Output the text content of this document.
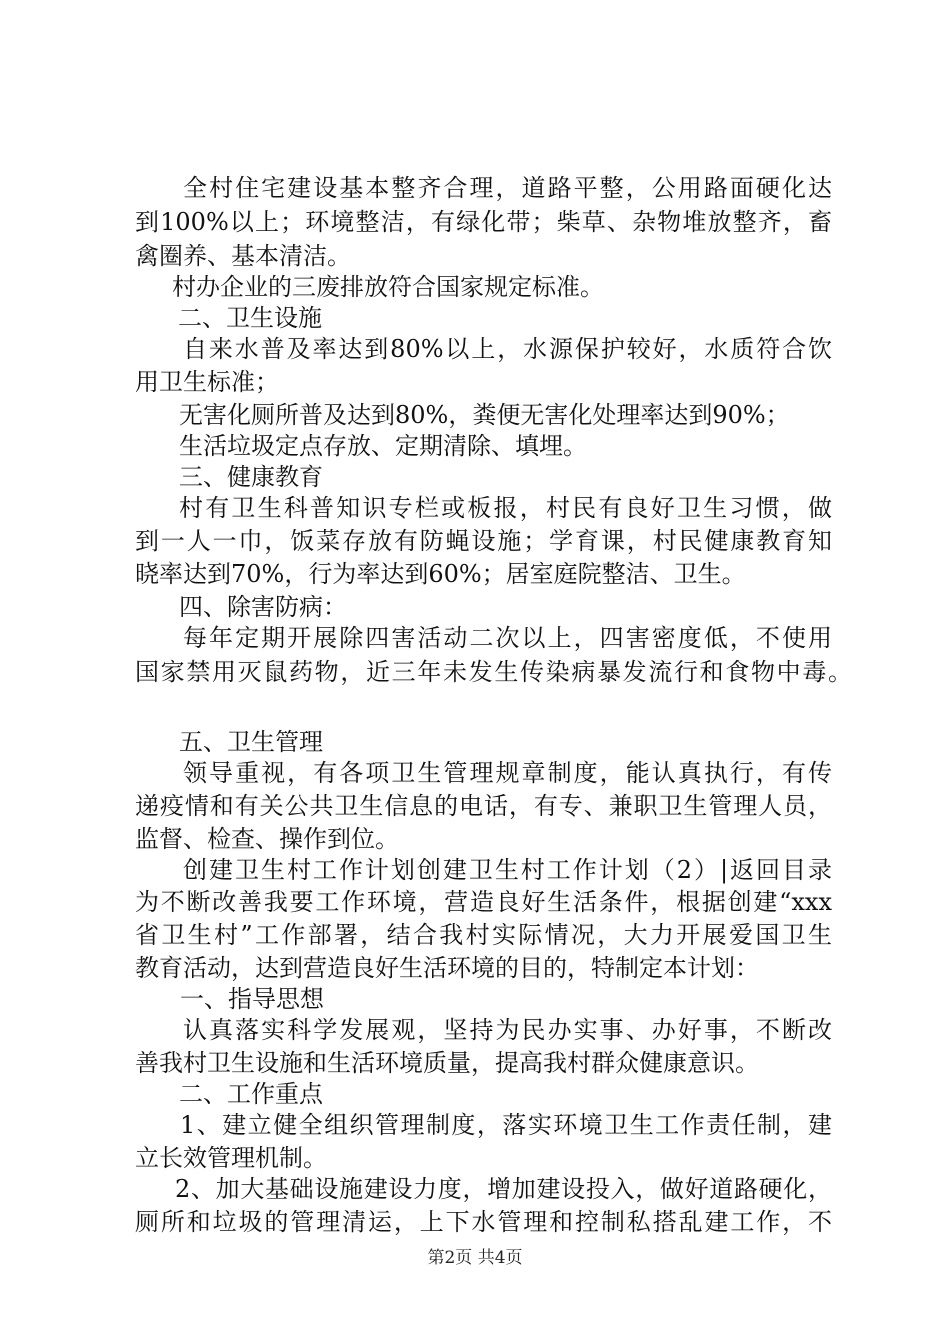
全村住宅建设基本整齐合理，道路平整，公用路面硬化达
到100%以上；环境整洁，有绿化带；柴草、杂物堆放整齐，畜
禽圈养、基本清洁。
村办企业的三废排放符合国家规定标准。
二、卫生设施
自来水普及率达到80%以上，水源保护较好，水质符合饮
用卫生标准；
无害化厕所普及达到80%，粪便无害化处理率达到90%；
生活垃圾定点存放、定期清除、填埋。
三、健康教育
村有卫生科普知识专栏或板报，村民有良好卫生习惯，做
到一人一巾，饭菜存放有防蝇设施；学育课，村民健康教育知
晓率达到70%，行为率达到60%；居室庭院整洁、卫生。
四、除害防病：
每年定期开展除四害活动二次以上，四害密度低，不使用
国家禁用灭鼠药物，近三年未发生传染病暴发流行和食物中毒。
五、卫生管理
领导重视，有各项卫生管理规章制度，能认真执行，有传
递疫情和有关公共卫生信息的电话，有专、兼职卫生管理人员，
监督、检查、操作到位。
创建卫生村工作计划创建卫生村工作计划（2）|返回目录
为不断改善我要工作环境，营造良好生活条件，根据创建“xxx
省卫生村”工作部署，结合我村实际情况，大力开展爱国卫生
教育活动，达到营造良好生活环境的目的，特制定本计划：
一、指导思想
认真落实科学发展观，坚持为民办实事、办好事，不断改
善我村卫生设施和生活环境质量，提高我村群众健康意识。
二、工作重点
1、建立健全组织管理制度，落实环境卫生工作责任制，建
立长效管理机制。
2、加大基础设施建设力度，增加建设投入，做好道路硬化，
厕所和垃圾的管理清运，上下水管理和控制私搭乱建工作，不
第2页 共4页
